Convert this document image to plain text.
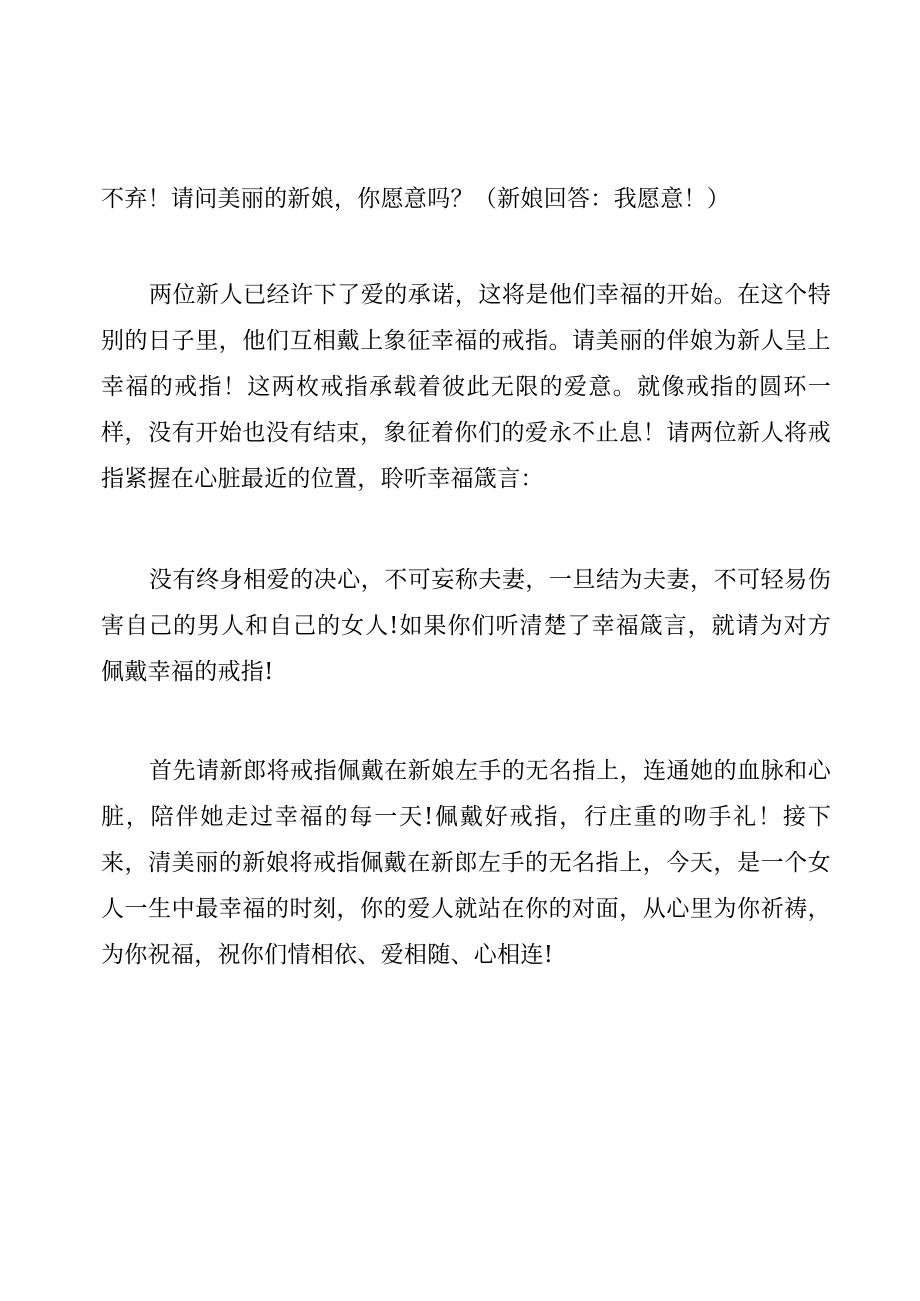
不弃！请问美丽的新娘，你愿意吗？（新娘回答：我愿意！）

两位新人已经许下了爱的承诺，这将是他们幸福的开始。在这个特别的日子里，他们互相戴上象征幸福的戒指。请美丽的伴娘为新人呈上幸福的戒指！这两枚戒指承载着彼此无限的爱意。就像戒指的圆环一样，没有开始也没有结束，象征着你们的爱永不止息！请两位新人将戒指紧握在心脏最近的位置，聆听幸福箴言：

没有终身相爱的决心，不可妄称夫妻，一旦结为夫妻，不可轻易伤害自己的男人和自己的女人!如果你们听清楚了幸福箴言，就请为对方佩戴幸福的戒指!

首先请新郎将戒指佩戴在新娘左手的无名指上，连通她的血脉和心脏，陪伴她走过幸福的每一天!佩戴好戒指，行庄重的吻手礼！接下来，清美丽的新娘将戒指佩戴在新郎左手的无名指上，今天，是一个女人一生中最幸福的时刻，你的爱人就站在你的对面，从心里为你祈祷，为你祝福，祝你们情相依、爱相随、心相连!
